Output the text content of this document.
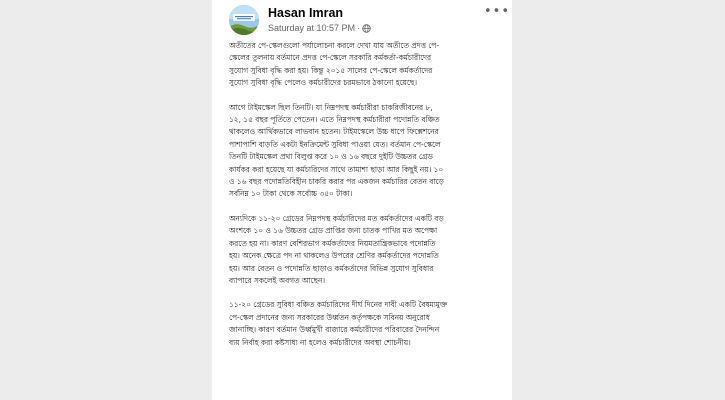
Hasan Imran
Saturday at 10:57 PM ·
•••

অতীতের পে-স্কেলগুলো পর্যালোচনা করলে দেখা যায় অতীতে প্রদত্ত পে-
স্কেলের তুলনায় বর্তমানে প্রদত্ত পে-স্কেলে সরকারি কর্মকর্তা-কর্মচারীদের
সুযোগ সুবিধা বৃদ্ধি করা হয়। কিন্তু ২০১৫ সালের পে-স্কেলে কর্মকর্তাদের
সুযোগ সুবিধা বৃদ্ধি পেলেও কর্মচারীদের চরমভাবে ঠকানো হয়েছে।

আগে টাইমস্কেল ছিল তিনটি। যা নিম্নপদস্থ কর্মচারীরা চাকরিজীবনের ৮,
১২, ১৫ বছর পূর্তিতে পেতেন। এতে নিম্নপদস্থ কর্মচারীরা পদোন্নতি বঞ্চিত
থাকলেও আর্থিকভাবে লাভবান হতেন। টাইমস্কেলে উচ্চ ধাপে ফিক্সেশনের
পাশাপাশি বাড়তি একটা ইনক্রিমেন্ট সুবিধা পাওয়া যেত। বর্তমান পে-স্কেলে
তিনটি টাইমস্কেল প্রথা বিলুপ্ত করে ১০ ও ১৬ বছরে দুইটি উচ্চতর গ্রেড
কার্যকর করা হয়েছে যা কর্মচারিদের সাথে তামাশা ছাড়া আর কিছুই নয়। ১০
ও ১৬ বছর পদোন্নতিবিহীন চাকরি করার পর একজন কর্মচারির বেতন বাড়ে
সর্বনিম্ন ১০ টাকা থেকে সর্বোচ্চ ৩৫০ টাকা।

অন্যদিকে ১১-২০ গ্রেডের নিম্নপদস্থ কর্মচারিদের মত কর্মকর্তাদের একটি বড়
অংশকে ১০ ও ১৬ উচ্চতর গ্রেড প্রাপ্তির জন্য চাতক পাখির মত অপেক্ষা
করতে হয় না। কারণ বেশিরভাগ কর্মকর্তাদের নিয়মতান্ত্রিকভাবে পদোন্নতি
হয়। অনেক ক্ষেত্রে পদ না থাকলেও উপরের শ্রেণির কর্মকর্তাদের পদোন্নতি
হয়। আর বেতন ও পদোন্নতি ছাড়াও কর্মকর্তাদের বিভিন্ন সুযোগ সুবিধার
ব্যাপারে সকলেই অবগত আছেন।

১১-২০ গ্রেডের সুবিধা বঞ্চিত কর্মচারিদের দীর্ঘ দিনের দাবী একটি বৈষম্যমুক্ত
পে-স্কেল প্রদানের জন্য সরকারের উর্ধ্বতন কর্তৃপক্ষকে সবিনয় অনুরোধ
জানাচ্ছি। কারণ বর্তমান উর্ধ্বমুখী বাজারে কর্মচারীদের পরিবারের দৈনন্দিন
ব্যয় নির্বাহ করা কষ্টসাধ্য না হলেও কর্মচারীদের অবস্থা শোচনীয়।
